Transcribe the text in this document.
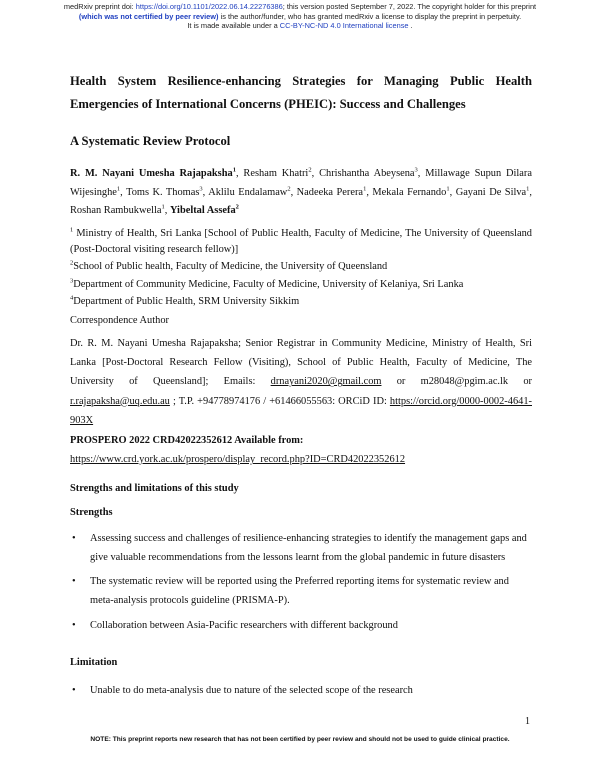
medRxiv preprint doi: https://doi.org/10.1101/2022.06.14.22276386; this version posted September 7, 2022. The copyright holder for this preprint
(which was not certified by peer review) is the author/funder, who has granted medRxiv a license to display the preprint in perpetuity.
It is made available under a CC-BY-NC-ND 4.0 International license .
Health System Resilience-enhancing Strategies for Managing Public Health Emergencies of International Concerns (PHEIC): Success and Challenges
A Systematic Review Protocol
R. M. Nayani Umesha Rajapaksha$^1$, Resham Khatri$^2$, Chrishantha Abeysena$^3$, Millawage Supun Dilara Wijesinghe$^1$, Toms K. Thomas$^3$, Aklilu Endalamaw$^2$, Nadeeka Perera$^1$, Mekala Fernando$^1$, Gayani De Silva$^1$, Roshan Rambukwella$^1$, Yibeltal Assefa$^2$
$^1$ Ministry of Health, Sri Lanka [School of Public Health, Faculty of Medicine, The University of Queensland (Post-Doctoral visiting research fellow)]
$^2$School of Public health, Faculty of Medicine, the University of Queensland
$^3$Department of Community Medicine, Faculty of Medicine, University of Kelaniya, Sri Lanka
$^4$Department of Public Health, SRM University Sikkim
Correspondence Author
Dr. R. M. Nayani Umesha Rajapaksha; Senior Registrar in Community Medicine, Ministry of Health, Sri Lanka [Post-Doctoral Research Fellow (Visiting), School of Public Health, Faculty of Medicine, The University of Queensland]; Emails: drnayani2020@gmail.com or m28048@pgim.ac.lk or r.rajapaksha@uq.edu.au ; T.P. +94778974176 / +61466055563: ORCiD ID: https://orcid.org/0000-0002-4641-903X
PROSPERO 2022 CRD42022352612 Available from:
https://www.crd.york.ac.uk/prospero/display_record.php?ID=CRD42022352612
Strengths and limitations of this study
Strengths
• Assessing success and challenges of resilience-enhancing strategies to identify the management gaps and give valuable recommendations from the lessons learnt from the global pandemic in future disasters
• The systematic review will be reported using the Preferred reporting items for systematic review and meta-analysis protocols guideline (PRISMA-P).
• Collaboration between Asia-Pacific researchers with different background
Limitation
• Unable to do meta-analysis due to nature of the selected scope of the research
1
NOTE: This preprint reports new research that has not been certified by peer review and should not be used to guide clinical practice.
